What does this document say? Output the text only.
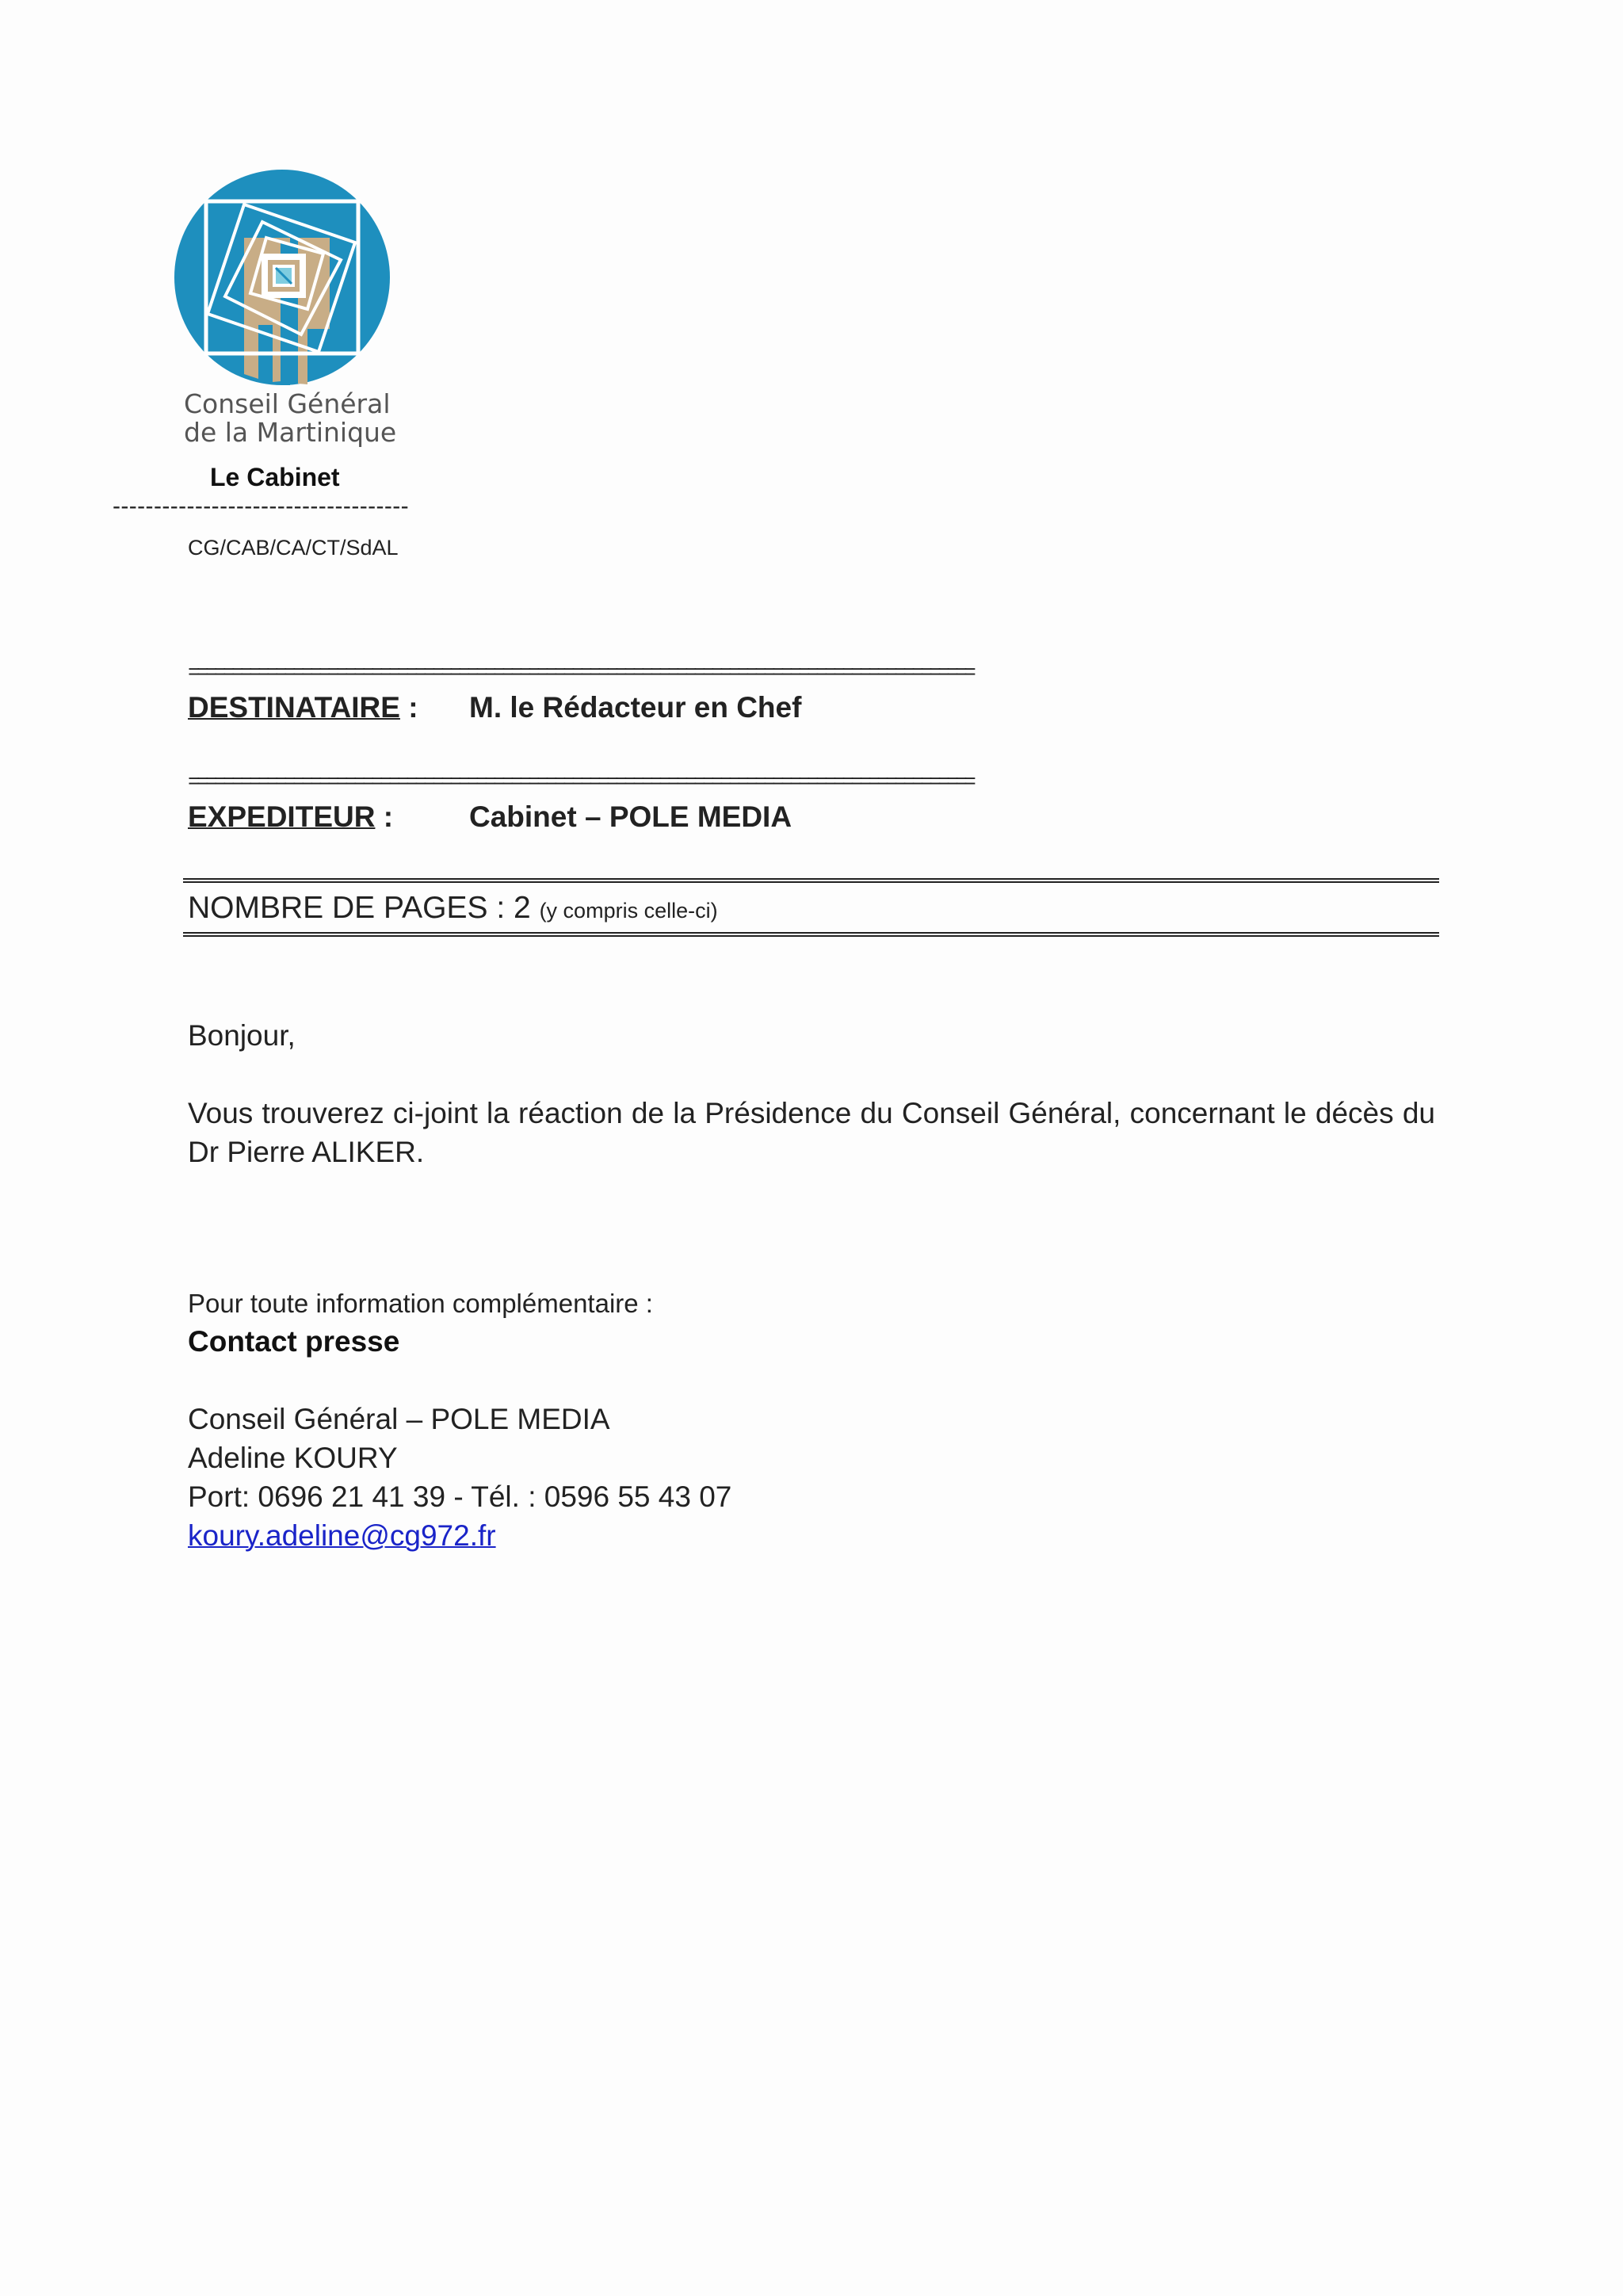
Conseil Général
de la Martinique
Le Cabinet
------------------------------------
CG/CAB/CA/CT/SdAL
==========================================================================================
DESTINATAIRE : M. le Rédacteur en Chef
==========================================================================================
EXPEDITEUR :	Cabinet – POLE MEDIA
NOMBRE DE PAGES : 2 (y compris celle-ci)
Bonjour,
Vous trouverez ci-joint la réaction de la Présidence du Conseil Général, concernant le décès du Dr Pierre ALIKER.
Pour toute information complémentaire :
Contact presse
Conseil Général – POLE MEDIA
Adeline KOURY
Port: 0696 21 41 39 - Tél. : 0596 55 43 07
koury.adeline@cg972.fr
